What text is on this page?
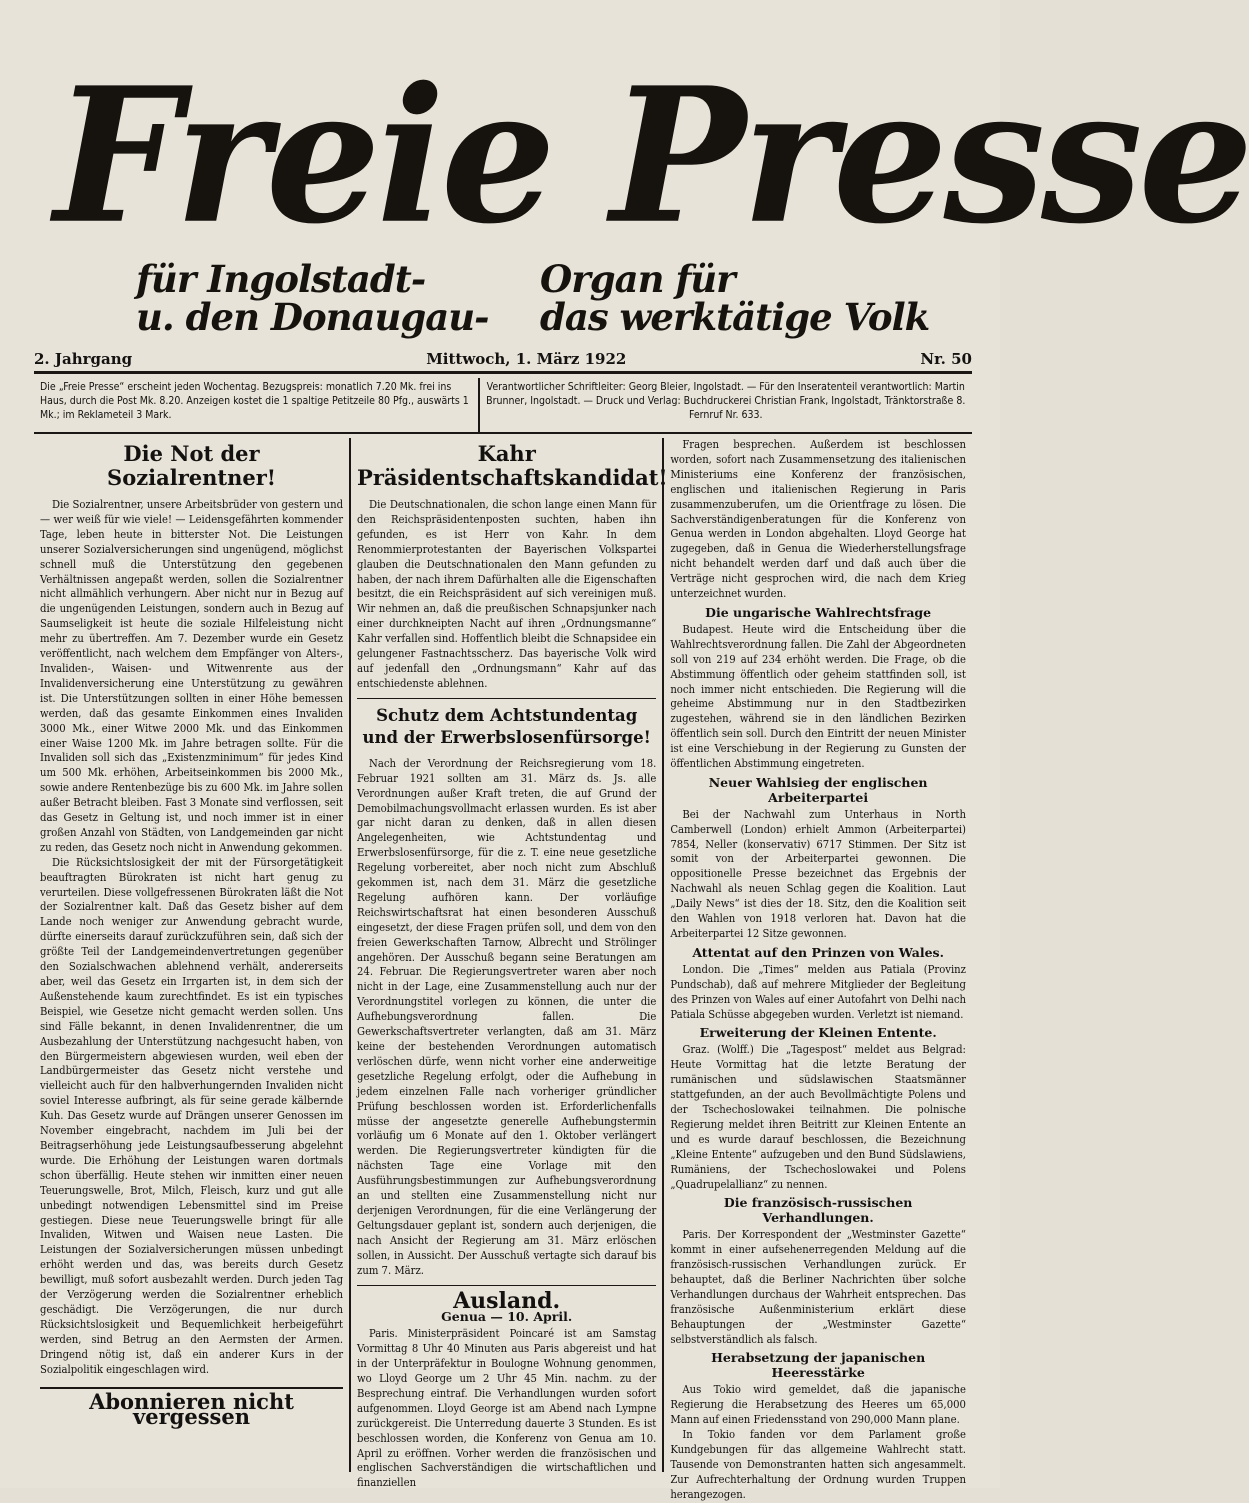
Freie Presse
für Ingolstadt-
u. den Donaugau-
Organ für
das werktätige Volk
2. Jahrgang	Mittwoch, 1. März 1922	Nr. 50
Die „Freie Presse“ erscheint jeden Wochentag. Bezugspreis: monatlich 7.20 Mk. frei ins Haus, durch die Post Mk. 8.20. Anzeigen kostet die 1 spaltige Petitzeile 80 Pfg., auswärts 1 Mk.; im Reklameteil 3 Mark.
Verantwortlicher Schriftleiter: Georg Bleier, Ingolstadt. — Für den Inseratenteil verantwortlich: Martin Brunner, Ingolstadt. — Druck und Verlag: Buchdruckerei Christian Frank, Ingolstadt, Tränktorstraße 8. Fernruf Nr. 633.
Die Not der Sozialrentner!

Die Sozialrentner, unsere Arbeitsbrüder von gestern und — wer weiß für wie viele! — Leidensgefährten kommender Tage, leben heute in bitterster Not. Die Leistungen unserer Sozialversicherungen sind ungenügend, möglichst schnell muß die Unterstützung den gegebenen Verhältnissen angepaßt werden, sollen die Sozialrentner nicht allmählich verhungern. Aber nicht nur in Bezug auf die ungenügenden Leistungen, sondern auch in Bezug auf Saumseligkeit ist heute die soziale Hilfeleistung nicht mehr zu übertreffen. Am 7. Dezember wurde ein Gesetz veröffentlicht, nach welchem dem Empfänger von Alters-, Invaliden-, Waisen- und Witwenrente aus der Invalidenversicherung eine Unterstützung zu gewähren ist. Die Unterstützungen sollten in einer Höhe bemessen werden, daß das gesamte Einkommen eines Invaliden 3000 Mk., einer Witwe 2000 Mk. und das Einkommen einer Waise 1200 Mk. im Jahre betragen sollte. Für die Invaliden soll sich das „Existenzminimum“ für jedes Kind um 500 Mk. erhöhen, Arbeitseinkommen bis 2000 Mk., sowie andere Rentenbezüge bis zu 600 Mk. im Jahre sollen außer Betracht bleiben. Fast 3 Monate sind verflossen, seit das Gesetz in Geltung ist, und noch immer ist in einer großen Anzahl von Städten, von Landgemeinden gar nicht zu reden, das Gesetz noch nicht in Anwendung gekommen.

Die Rücksichtslosigkeit der mit der Fürsorgetätigkeit beauftragten Bürokraten ist nicht hart genug zu verurteilen. Diese vollgefressenen Bürokraten läßt die Not der Sozialrentner kalt. Daß das Gesetz bisher auf dem Lande noch weniger zur Anwendung gebracht wurde, dürfte einerseits darauf zurückzuführen sein, daß sich der größte Teil der Landgemeindenvertretungen gegenüber den Sozialschwachen ablehnend verhält, andererseits aber, weil das Gesetz ein Irrgarten ist, in dem sich der Außenstehende kaum zurechtfindet. Es ist ein typisches Beispiel, wie Gesetze nicht gemacht werden sollen. Uns sind Fälle bekannt, in denen Invalidenrentner, die um Ausbezahlung der Unterstützung nachgesucht haben, von den Bürgermeistern abgewiesen wurden, weil eben der Landbürgermeister das Gesetz nicht verstehe und vielleicht auch für den halbverhungernden Invaliden nicht soviel Interesse aufbringt, als für seine gerade kälbernde Kuh. Das Gesetz wurde auf Drängen unserer Genossen im November eingebracht, nachdem im Juli bei der Beitragserhöhung jede Leistungsaufbesserung abgelehnt wurde. Die Erhöhung der Leistungen waren dortmals schon überfällig. Heute stehen wir inmitten einer neuen Teuerungswelle, Brot, Milch, Fleisch, kurz und gut alle unbedingt notwendigen Lebensmittel sind im Preise gestiegen. Diese neue Teuerungswelle bringt für alle Invaliden, Witwen und Waisen neue Lasten. Die Leistungen der Sozialversicherungen müssen unbedingt erhöht werden und das, was bereits durch Gesetz bewilligt, muß sofort ausbezahlt werden. Durch jeden Tag der Verzögerung werden die Sozialrentner erheblich geschädigt. Die Verzögerungen, die nur durch Rücksichtslosigkeit und Bequemlichkeit herbeigeführt werden, sind Betrug an den Aermsten der Armen. Dringend nötig ist, daß ein anderer Kurs in der Sozialpolitik eingeschlagen wird.

Abonnieren nicht vergessen
Kahr Präsidentschaftskandidat!

Die Deutschnationalen, die schon lange einen Mann für den Reichspräsidentenposten suchten, haben ihn gefunden, es ist Herr von Kahr. In dem Renommierprotestanten der Bayerischen Volkspartei glauben die Deutschnationalen den Mann gefunden zu haben, der nach ihrem Dafürhalten alle die Eigenschaften besitzt, die ein Reichspräsident auf sich vereinigen muß. Wir nehmen an, daß die preußischen Schnapsjunker nach einer durchkneipten Nacht auf ihren „Ordnungsmanne“ Kahr verfallen sind. Hoffentlich bleibt die Schnapsidee ein gelungener Fastnachtsscherz. Das bayerische Volk wird auf jedenfall den „Ordnungsmann“ Kahr auf das entschiedenste ablehnen.

Schutz dem Achtstundentag und der Erwerbslosenfürsorge!

Nach der Verordnung der Reichsregierung vom 18. Februar 1921 sollten am 31. März ds. Js. alle Verordnungen außer Kraft treten, die auf Grund der Demobilmachungsvollmacht erlassen wurden. Es ist aber gar nicht daran zu denken, daß in allen diesen Angelegenheiten, wie Achtstundentag und Erwerbslosenfürsorge, für die z. T. eine neue gesetzliche Regelung vorbereitet, aber noch nicht zum Abschluß gekommen ist, nach dem 31. März die gesetzliche Regelung aufhören kann. Der vorläufige Reichswirtschaftsrat hat einen besonderen Ausschuß eingesetzt, der diese Fragen prüfen soll, und dem von den freien Gewerkschaften Tarnow, Albrecht und Strölinger angehören. Der Ausschuß begann seine Beratungen am 24. Februar. Die Regierungsvertreter waren aber noch nicht in der Lage, eine Zusammenstellung auch nur der Verordnungstitel vorlegen zu können, die unter die Aufhebungsverordnung fallen. Die Gewerkschaftsvertreter verlangten, daß am 31. März keine der bestehenden Verordnungen automatisch verlöschen dürfe, wenn nicht vorher eine anderweitige gesetzliche Regelung erfolgt, oder die Aufhebung in jedem einzelnen Falle nach vorheriger gründlicher Prüfung beschlossen worden ist. Erforderlichenfalls müsse der angesetzte generelle Aufhebungstermin vorläufig um 6 Monate auf den 1. Oktober verlängert werden. Die Regierungsvertreter kündigten für die nächsten Tage eine Vorlage mit den Ausführungsbestimmungen zur Aufhebungsverordnung an und stellten eine Zusammenstellung nicht nur derjenigen Verordnungen, für die eine Verlängerung der Geltungsdauer geplant ist, sondern auch derjenigen, die nach Ansicht der Regierung am 31. März erlöschen sollen, in Aussicht. Der Ausschuß vertagte sich darauf bis zum 7. März.

Ausland.
Genua — 10. April.

Paris. Ministerpräsident Poincaré ist am Samstag Vormittag 8 Uhr 40 Minuten aus Paris abgereist und hat in der Unterpräfektur in Boulogne Wohnung genommen, wo Lloyd George um 2 Uhr 45 Min. nachm. zu der Besprechung eintraf. Die Verhandlungen wurden sofort aufgenommen. Lloyd George ist am Abend nach Lympne zurückgereist. Die Unterredung dauerte 3 Stunden. Es ist beschlossen worden, die Konferenz von Genua am 10. April zu eröffnen. Vorher werden die französischen und englischen Sachverständigen die wirtschaftlichen und finanziellen

Fragen besprechen. Außerdem ist beschlossen worden, sofort nach Zusammensetzung des italienischen Ministeriums eine Konferenz der französischen, englischen und italienischen Regierung in Paris zusammenzuberufen, um die Orientfrage zu lösen. Die Sachverständigenberatungen für die Konferenz von Genua werden in London abgehalten. Lloyd George hat zugegeben, daß in Genua die Wiederherstellungsfrage nicht behandelt werden darf und daß auch über die Verträge nicht gesprochen wird, die nach dem Krieg unterzeichnet wurden.

Die ungarische Wahlrechtsfrage

Budapest. Heute wird die Entscheidung über die Wahlrechtsverordnung fallen. Die Zahl der Abgeordneten soll von 219 auf 234 erhöht werden. Die Frage, ob die Abstimmung öffentlich oder geheim stattfinden soll, ist noch immer nicht entschieden. Die Regierung will die geheime Abstimmung nur in den Stadtbezirken zugestehen, während sie in den ländlichen Bezirken öffentlich sein soll. Durch den Eintritt der neuen Minister ist eine Verschiebung in der Regierung zu Gunsten der öffentlichen Abstimmung eingetreten.

Neuer Wahlsieg der englischen Arbeiterpartei

Bei der Nachwahl zum Unterhaus in North Camberwell (London) erhielt Ammon (Arbeiterpartei) 7854, Neller (konservativ) 6717 Stimmen. Der Sitz ist somit von der Arbeiterpartei gewonnen. Die oppositionelle Presse bezeichnet das Ergebnis der Nachwahl als neuen Schlag gegen die Koalition. Laut „Daily News“ ist dies der 18. Sitz, den die Koalition seit den Wahlen von 1918 verloren hat. Davon hat die Arbeiterpartei 12 Sitze gewonnen.

Attentat auf den Prinzen von Wales.

London. Die „Times“ melden aus Patiala (Provinz Pundschab), daß auf mehrere Mitglieder der Begleitung des Prinzen von Wales auf einer Autofahrt von Delhi nach Patiala Schüsse abgegeben wurden. Verletzt ist niemand.

Erweiterung der Kleinen Entente.

Graz. (Wolff.) Die „Tagespost“ meldet aus Belgrad: Heute Vormittag hat die letzte Beratung der rumänischen und südslawischen Staatsmänner stattgefunden, an der auch Bevollmächtigte Polens und der Tschechoslowakei teilnahmen. Die polnische Regierung meldet ihren Beitritt zur Kleinen Entente an und es wurde darauf beschlossen, die Bezeichnung „Kleine Entente“ aufzugeben und den Bund Südslawiens, Rumäniens, der Tschechoslowakei und Polens „Quadrupelallianz“ zu nennen.

Die französisch-russischen Verhandlungen.

Paris. Der Korrespondent der „Westminster Gazette“ kommt in einer aufsehenerregenden Meldung auf die französisch-russischen Verhandlungen zurück. Er behauptet, daß die Berliner Nachrichten über solche Verhandlungen durchaus der Wahrheit entsprechen. Das französische Außenministerium erklärt diese Behauptungen der „Westminster Gazette“ selbstverständlich als falsch.

Herabsetzung der japanischen Heeresstärke

Aus Tokio wird gemeldet, daß die japanische Regierung die Herabsetzung des Heeres um 65,000 Mann auf einen Friedensstand von 290,000 Mann plane.

In Tokio fanden vor dem Parlament große Kundgebungen für das allgemeine Wahlrecht statt. Tausende von Demonstranten hatten sich angesammelt. Zur Aufrechterhaltung der Ordnung wurden Truppen herangezogen.
